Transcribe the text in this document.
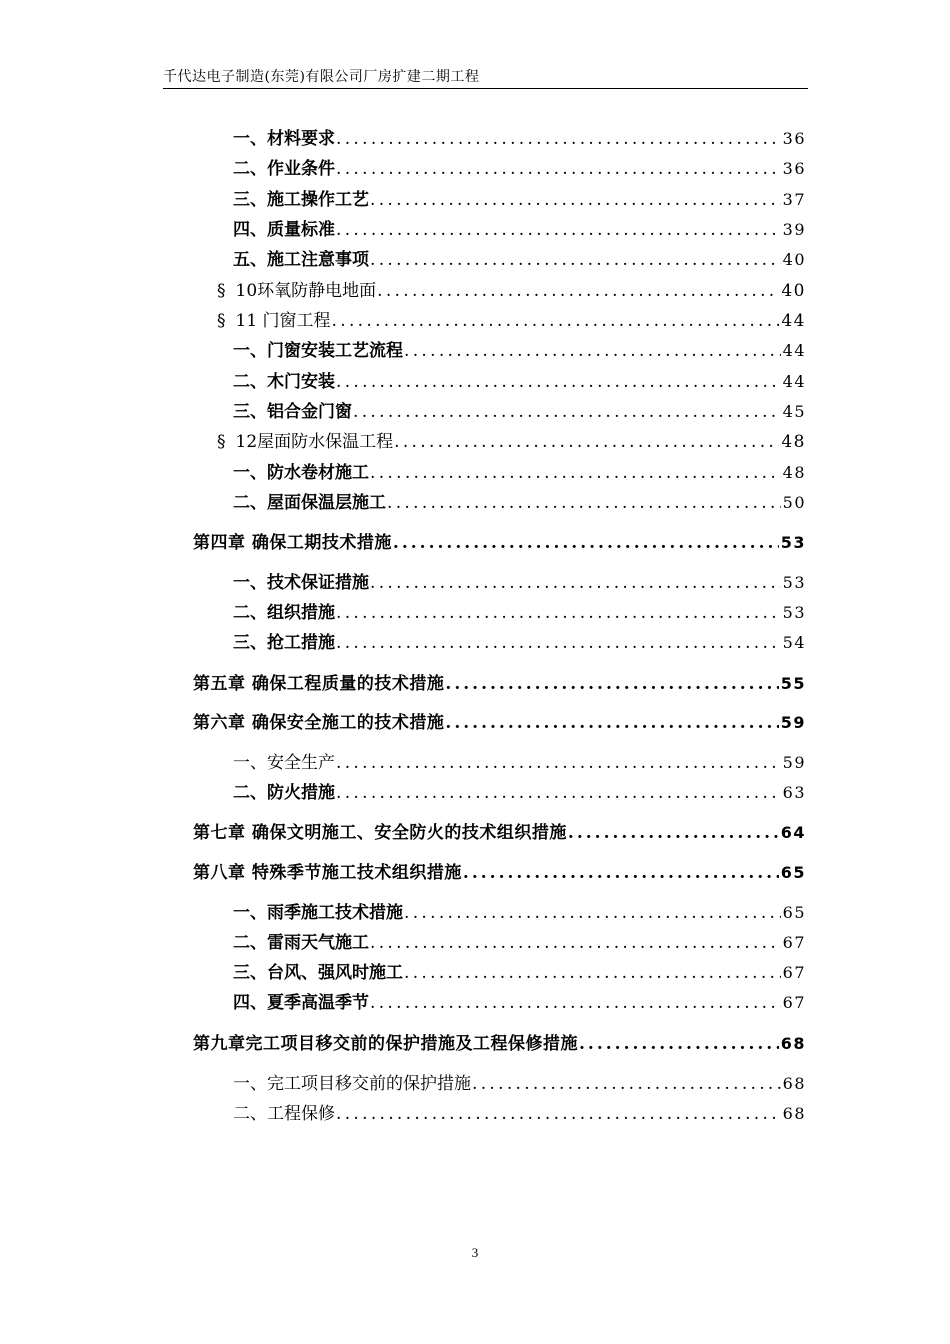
千代达电子制造(东莞)有限公司厂房扩建二期工程
一、材料要求 .....	36
二、作业条件 .....	36
三、施工操作工艺 .....	37
四、质量标准 .....	39
五、施工注意事项 .....	40
§ 10环氧防静电地面 .....	40
§ 11 门窗工程 .....	44
一、门窗安装工艺流程 .....	44
二、木门安装 .....	44
三、铝合金门窗 .....	45
§ 12屋面防水保温工程 .....	48
一、防水卷材施工 .....	48
二、屋面保温层施工 .....	50
第四章 确保工期技术措施 .....	53
一、技术保证措施 .....	53
二、组织措施 .....	53
三、抢工措施 .....	54
第五章 确保工程质量的技术措施 .....	55
第六章 确保安全施工的技术措施 .....	59
一、安全生产 .....	59
二、防火措施 .....	63
第七章 确保文明施工、安全防火的技术组织措施 .....	64
第八章 特殊季节施工技术组织措施 .....	65
一、雨季施工技术措施 .....	65
二、雷雨天气施工 .....	67
三、台风、强风时施工 .....	67
四、夏季高温季节 .....	67
第九章完工项目移交前的保护措施及工程保修措施 .....	68
一、完工项目移交前的保护措施 .....	68
二、工程保修 .....	68
3
